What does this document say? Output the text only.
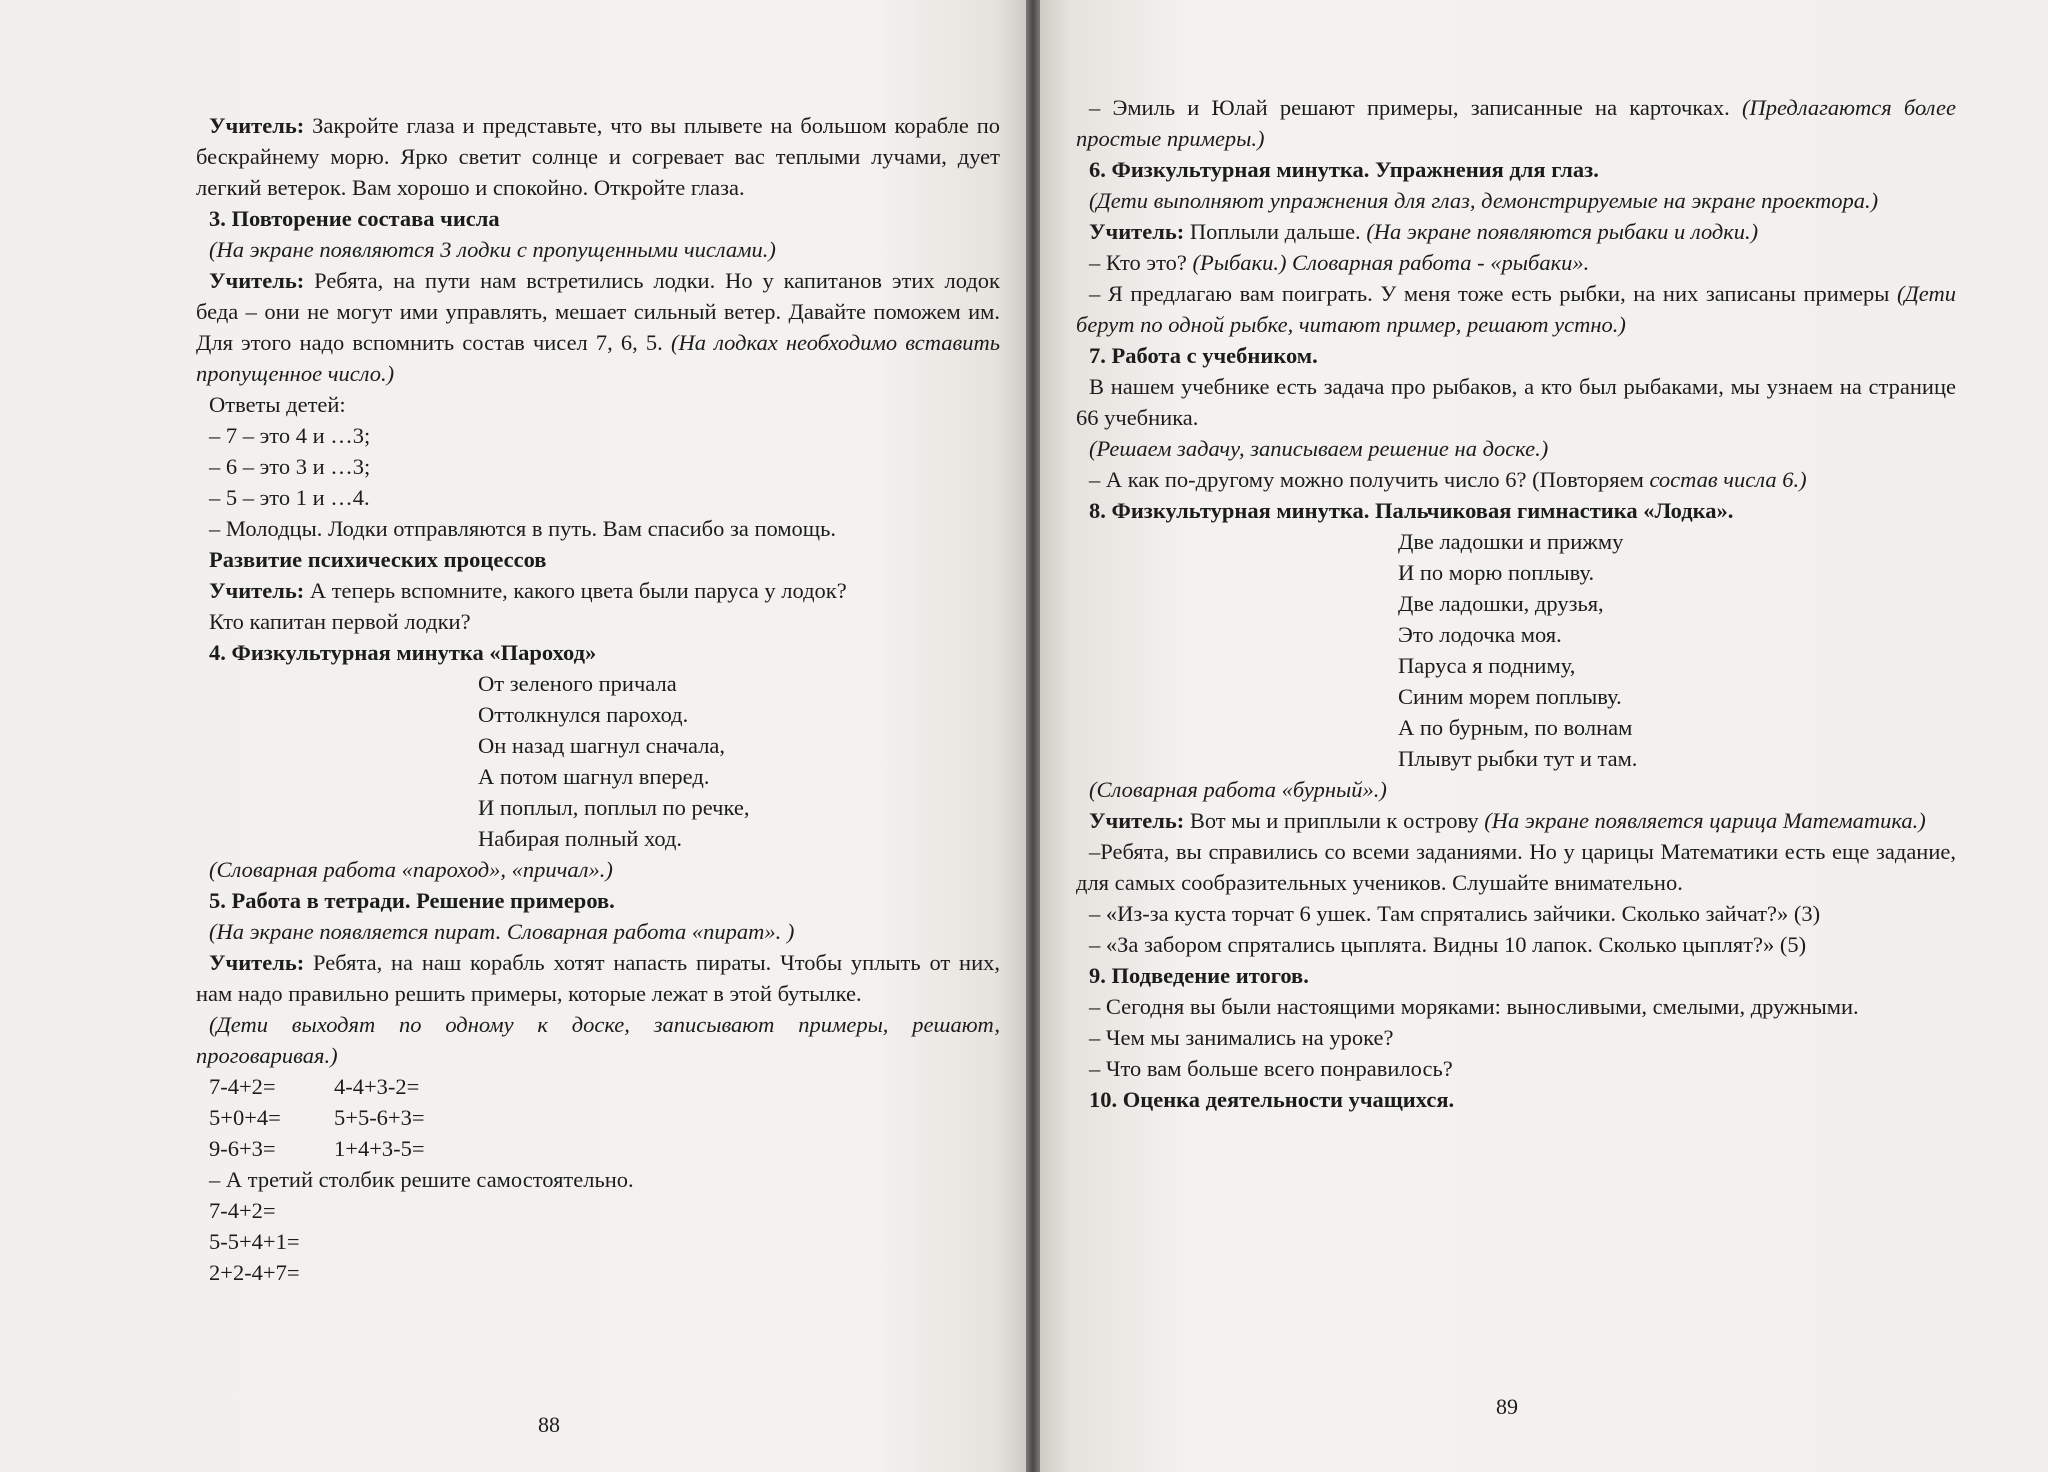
Учитель: Закройте глаза и представьте, что вы плывете на большом корабле по бескрайнему морю. Ярко светит солнце и согревает вас теплыми лучами, дует легкий ветерок. Вам хорошо и спокойно. Откройте глаза.

3. Повторение состава числа

(На экране появляются 3 лодки с пропущенными числами.)

Учитель: Ребята, на пути нам встретились лодки. Но у капитанов этих лодок беда – они не могут ими управлять, мешает сильный ветер. Давайте поможем им. Для этого надо вспомнить состав чисел 7, 6, 5. (На лодках необходимо вставить пропущенное число.)

Ответы детей:
– 7 – это 4 и …3;
– 6 – это 3 и …3;
– 5 – это 1 и …4.
– Молодцы. Лодки отправляются в путь. Вам спасибо за помощь.
Развитие психических процессов
Учитель: А теперь вспомните, какого цвета были паруса у лодок?
Кто капитан первой лодки?
4. Физкультурная минутка «Пароход»
От зеленого причала
Оттолкнулся пароход.
Он назад шагнул сначала,
А потом шагнул вперед.
И поплыл, поплыл по речке,
Набирая полный ход.

(Словарная работа «пароход», «причал».)

5. Работа в тетради. Решение примеров.

(На экране появляется пират. Словарная работа «пират». )

Учитель: Ребята, на наш корабль хотят напасть пираты. Чтобы уплыть от них, нам надо правильно решить примеры, которые лежат в этой бутылке.

(Дети выходят по одному к доске, записывают примеры, решают, проговаривая.)

7-4+2=	4-4+3-2=
5+0+4=	5+5-6+3=
9-6+3=	1+4+3-5=
– А третий столбик решите самостоятельно.
7-4+2=
5-5+4+1=
2+2-4+7=
88

– Эмиль и Юлай решают примеры, записанные на карточках. (Предлагаются более простые примеры.)

6. Физкультурная минутка. Упражнения для глаз.

(Дети выполняют упражнения для глаз, демонстрируемые на экране проектора.)

Учитель: Поплыли дальше. (На экране появляются рыбаки и лодки.)

– Кто это? (Рыбаки.) Словарная работа - «рыбаки».

– Я предлагаю вам поиграть. У меня тоже есть рыбки, на них записаны примеры (Дети берут по одной рыбке, читают пример, решают устно.)

7. Работа с учебником.

В нашем учебнике есть задача про рыбаков, а кто был рыбаками, мы узнаем на странице 66 учебника.

(Решаем задачу, записываем решение на доске.)

– А как по-другому можно получить число 6? (Повторяем состав числа 6.)

8. Физкультурная минутка. Пальчиковая гимнастика «Лодка».
Две ладошки и прижму
И по морю поплыву.
Две ладошки, друзья,
Это лодочка моя.
Паруса я подниму,
Синим морем поплыву.
А по бурным, по волнам
Плывут рыбки тут и там.

(Словарная работа «бурный».)

Учитель: Вот мы и приплыли к острову (На экране появляется царица Математика.)

–Ребята, вы справились со всеми заданиями. Но у царицы Математики есть еще задание, для самых сообразительных учеников. Слушайте внимательно.

– «Из-за куста торчат 6 ушек. Там спрятались зайчики. Сколько зайчат?» (3)

– «За забором спрятались цыплята. Видны 10 лапок. Сколько цыплят?» (5)

9. Подведение итогов.

– Сегодня вы были настоящими моряками: выносливыми, смелыми, дружными.

– Чем мы занимались на уроке?
– Что вам больше всего понравилось?
10. Оценка деятельности учащихся.
89
